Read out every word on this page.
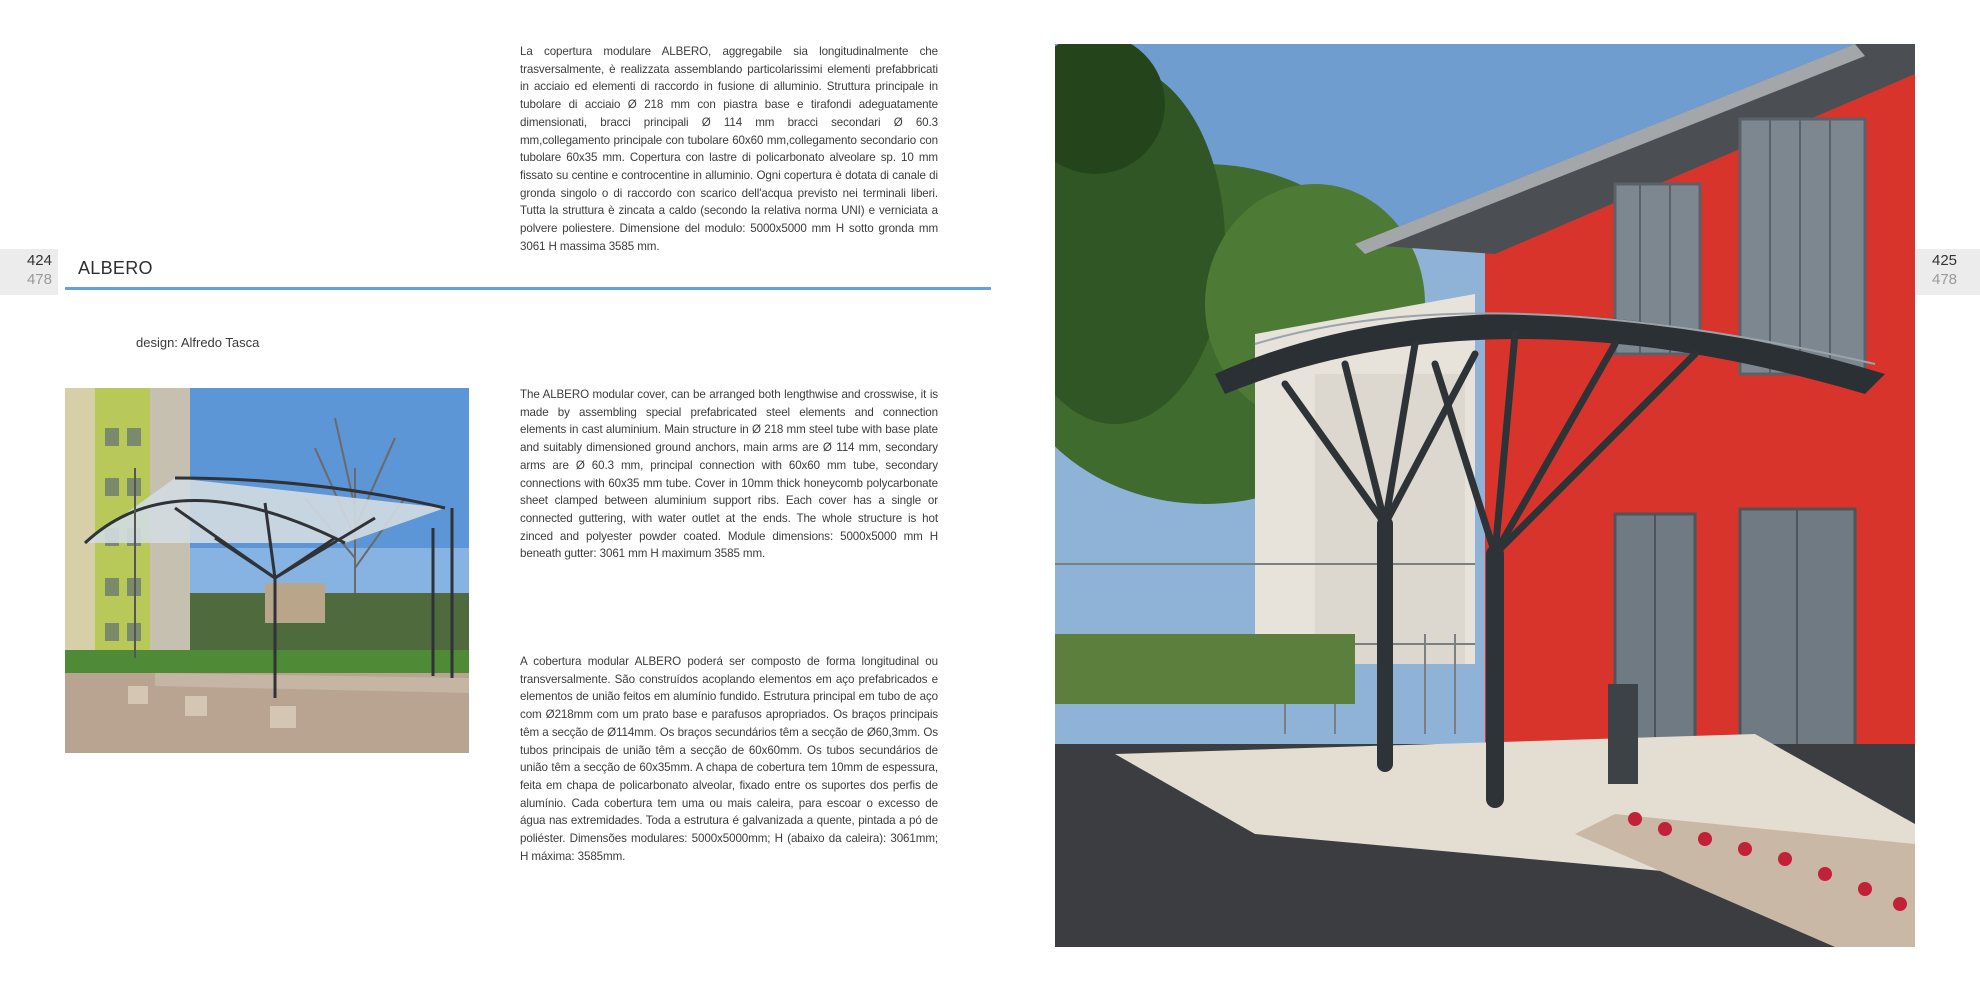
424
478
425
478
ALBERO
design: Alfredo Tasca
La copertura modulare ALBERO, aggregabile sia longitudinalmente che trasversalmente, è realizzata assemblando particolarissimi elementi prefabbricati in acciaio ed elementi di raccordo in fusione di alluminio. Struttura principale in tubolare di acciaio Ø 218 mm con piastra base e tirafondi adeguatamente dimensionati, bracci principali Ø 114 mm bracci secondari Ø 60.3 mm,collegamento principale con tubolare 60x60 mm,collegamento secondario con tubolare 60x35 mm. Copertura con lastre di policarbonato alveolare sp. 10 mm fissato su centine e controcentine in alluminio. Ogni copertura è dotata di canale di gronda singolo o di raccordo con scarico dell'acqua previsto nei terminali liberi. Tutta la struttura è zincata a caldo (secondo la relativa norma UNI) e verniciata a polvere poliestere. Dimensione del modulo: 5000x5000 mm H sotto gronda mm 3061 H massima 3585 mm.
The ALBERO modular cover, can be arranged both lengthwise and crosswise, it is made by assembling special prefabricated steel elements and connection elements in cast aluminium. Main structure in Ø 218 mm steel tube with base plate and suitably dimensioned ground anchors, main arms are Ø 114 mm, secondary arms are Ø 60.3 mm, principal connection with 60x60 mm tube, secondary connections with 60x35 mm tube. Cover in 10mm thick honeycomb polycarbonate sheet clamped between aluminium support ribs. Each cover has a single or connected guttering, with water outlet at the ends. The whole structure is hot zinced and polyester powder coated. Module dimensions: 5000x5000 mm H beneath gutter: 3061 mm H maximum 3585 mm.
A cobertura modular ALBERO poderá ser composto de forma longitudinal ou transversalmente. São construídos acoplando elementos em aço prefabricados e elementos de união feitos em alumínio fundido. Estrutura principal em tubo de aço com Ø218mm com um prato base e parafusos apropriados. Os braços principais têm a secção de Ø114mm. Os braços secundários têm a secção de Ø60,3mm. Os tubos principais de união têm a secção de 60x60mm. Os tubos secundários de união têm a secção de 60x35mm. A chapa de cobertura tem 10mm de espessura, feita em chapa de policarbonato alveolar, fixado entre os suportes dos perfis de alumínio. Cada cobertura tem uma ou mais caleira, para escoar o excesso de água nas extremidades. Toda a estrutura é galvanizada a quente, pintada a pó de poliéster. Dimensões modulares: 5000x5000mm; H (abaixo da caleira): 3061mm; H máxima: 3585mm.
